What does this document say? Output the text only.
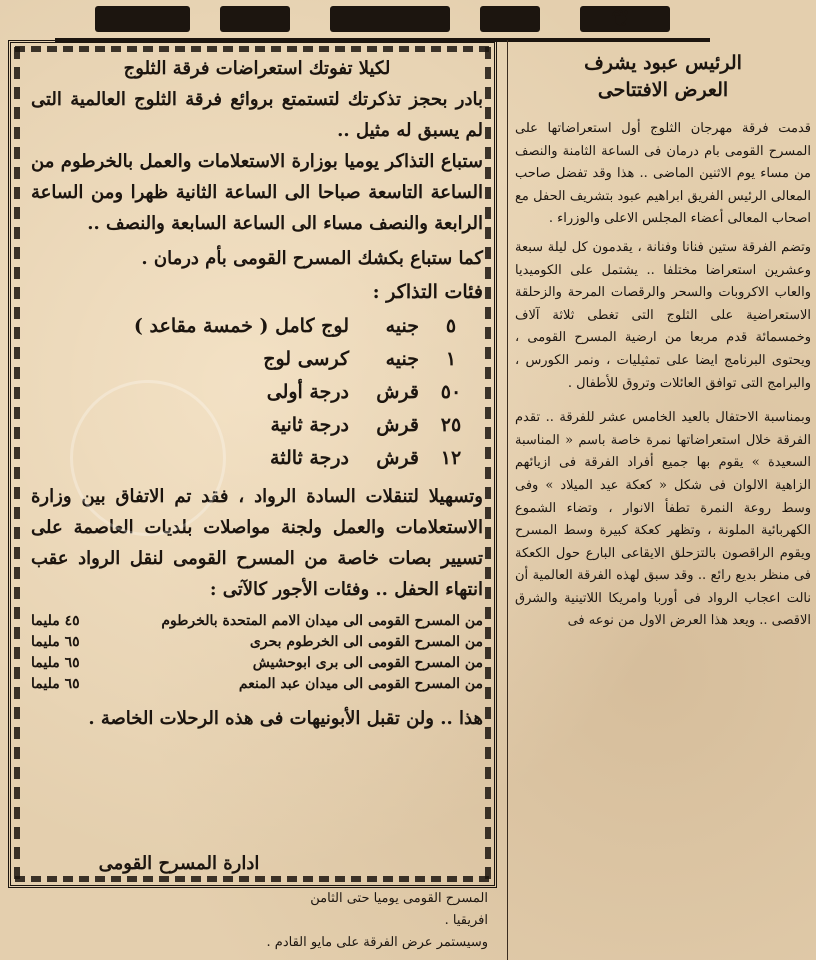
❦
الرئيس عبود يشرف
العرض الافتتاحى

قدمت فرقة مهرجان الثلوج أول استعراضاتها على المسرح القومى بام درمان فى الساعة الثامنة والنصف من مساء يوم الاثنين الماضى .. هذا وقد تفضل صاحب المعالى الرئيس الفريق ابراهيم عبود بتشريف الحفل مع اصحاب المعالى أعضاء المجلس الاعلى والوزراء .

وتضم الفرقة ستين فنانا وفنانة ، يقدمون كل ليلة سبعة وعشرين استعراضا مختلفا .. يشتمل على الكوميديا والعاب الاكروبات والسحر والرقصات المرحة والزحلقة الاستعراضية على الثلوج التى تغطى ثلاثة آلاف وخمسمائة قدم مربعا من ارضية المسرح القومى ، ويحتوى البرنامج ايضا على تمثيليات ، ونمر الكورس ، والبرامج التى توافق العائلات وتروق للأطفال .

وبمناسبة الاحتفال بالعيد الخامس عشر للفرقة .. تقدم الفرقة خلال استعراضاتها نمرة خاصة باسم « المناسبة السعيدة » يقوم بها جميع أفراد الفرقة فى ازيائهم الزاهية الالوان فى شكل « كعكة عيد الميلاد » وفى وسط روعة النمرة تطفأ الانوار ، وتضاء الشموع الكهربائية الملونة ، وتظهر كعكة كبيرة وسط المسرح ويقوم الراقصون بالتزحلق الايقاعى البارع حول الكعكة فى منظر بديع رائع .. وقد سبق لهذه الفرقة العالمية أن نالت اعجاب الرواد فى أوربا وامريكا اللاتينية والشرق الاقصى .. ويعد هذا العرض الاول من نوعه فى

لكيلا تفوتك استعراضات فرقة الثلوج

بادر بحجز تذكرتك لتستمتع بروائع فرقة الثلوج العالمية التى لم يسبق له مثيل ..

ستباع التذاكر يوميا بوزارة الاستعلامات والعمل بالخرطوم من الساعة التاسعة صباحا الى الساعة الثانية ظهرا ومن الساعة الرابعة والنصف مساء الى الساعة السابعة والنصف ..

كما ستباع بكشك المسرح القومى بأم درمان .

فئات التذاكر :

٥
جنيه
لوج كامل ( خمسة مقاعد )
١
جنيه
كرسى لوج
٥٠
قرش
درجة أولى
٢٥
قرش
درجة ثانية
١٢
قرش
درجة ثالثة

وتسهيلا لتنقلات السادة الرواد ، فقد تم الاتفاق بين وزارة الاستعلامات والعمل ولجنة مواصلات بلديات العاصمة على تسيير بصات خاصة من المسرح القومى لنقل الرواد عقب انتهاء الحفل .. وفئات الأجور كالآتى :

من المسرح القومى الى ميدان الامم المتحدة بالخرطوم
٤٥ مليما
من المسرح القومى الى الخرطوم بحرى
٦٥ مليما
من المسرح القومى الى برى ابوحشيش
٦٥ مليما
من المسرح القومى الى ميدان عبد المنعم
٦٥ مليما

هذا .. ولن تقبل الأبونيهات فى هذه الرحلات الخاصة .

ادارة المسرح القومى

المسرح القومى يوميا حتى الثامن

افريقيا .

وسيستمر عرض الفرقة على مايو القادم .
